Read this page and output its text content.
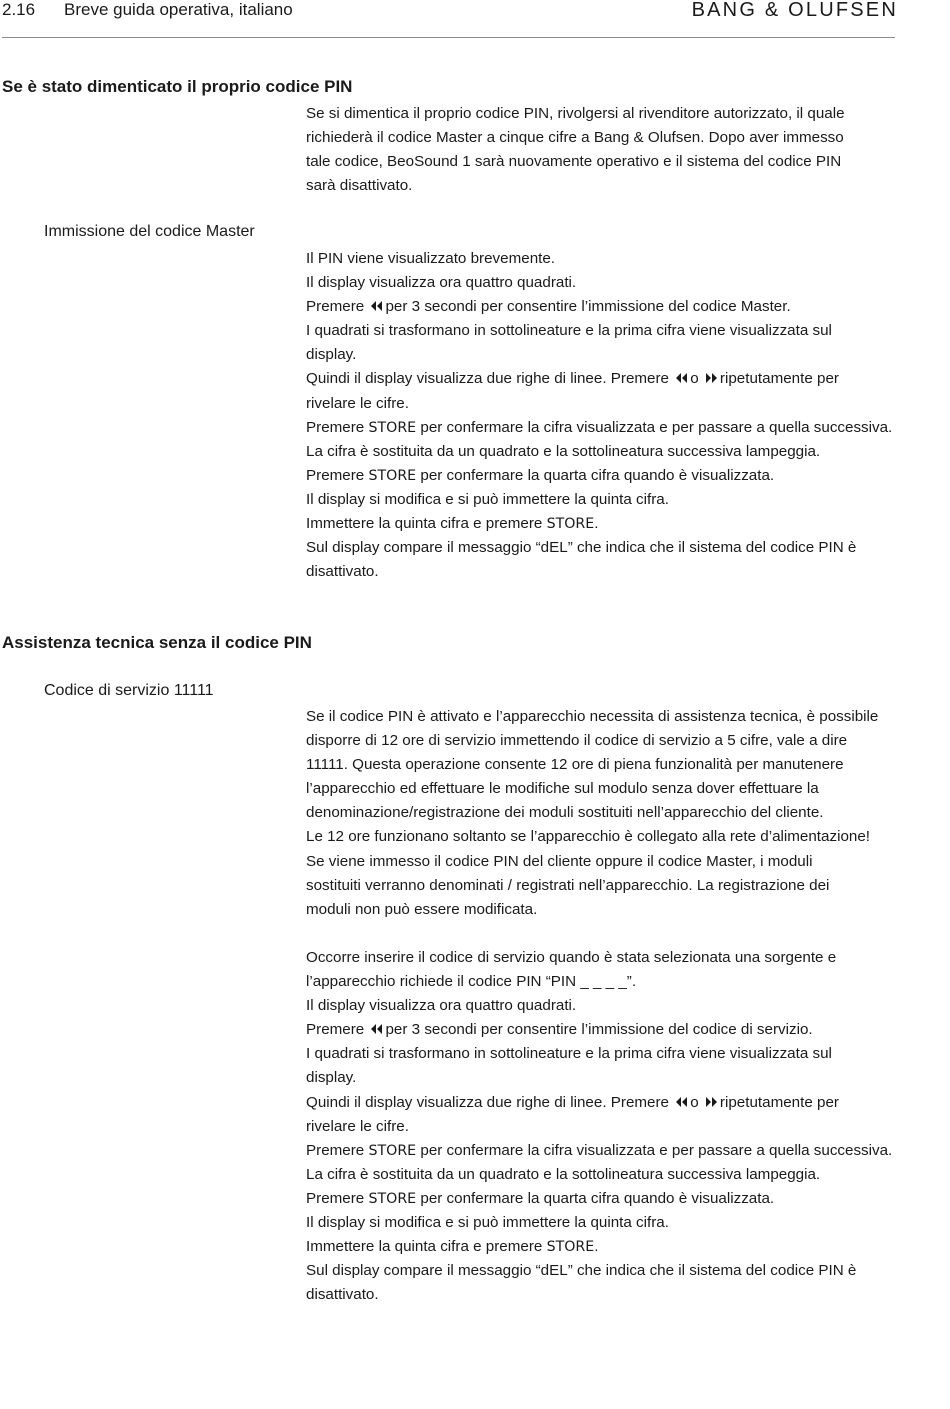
2.16 Breve guida operativa, italiano	BANG & OLUFSEN
Se è stato dimenticato il proprio codice PIN
Se si dimentica il proprio codice PIN, rivolgersi al rivenditore autorizzato, il quale
richiederà il codice Master a cinque cifre a Bang & Olufsen. Dopo aver immesso
tale codice, BeoSound 1 sarà nuovamente operativo e il sistema del codice PIN
sarà disattivato.
Immissione del codice Master
Il PIN viene visualizzato brevemente.
Il display visualizza ora quattro quadrati.
Premere per 3 secondi per consentire l’immissione del codice Master.
I quadrati si trasformano in sottolineature e la prima cifra viene visualizzata sul
display.
Quindi il display visualizza due righe di linee. Premere o ripetutamente per
rivelare le cifre.
Premere STORE per confermare la cifra visualizzata e per passare a quella successiva.
La cifra è sostituita da un quadrato e la sottolineatura successiva lampeggia.
Premere STORE per confermare la quarta cifra quando è visualizzata.
Il display si modifica e si può immettere la quinta cifra.
Immettere la quinta cifra e premere STORE.
Sul display compare il messaggio “dEL” che indica che il sistema del codice PIN è
disattivato.
Assistenza tecnica senza il codice PIN
Codice di servizio 11111
Se il codice PIN è attivato e l’apparecchio necessita di assistenza tecnica, è possibile
disporre di 12 ore di servizio immettendo il codice di servizio a 5 cifre, vale a dire
11111. Questa operazione consente 12 ore di piena funzionalità per manutenere
l’apparecchio ed effettuare le modifiche sul modulo senza dover effettuare la
denominazione/registrazione dei moduli sostituiti nell’apparecchio del cliente.
Le 12 ore funzionano soltanto se l’apparecchio è collegato alla rete d’alimentazione!
Se viene immesso il codice PIN del cliente oppure il codice Master, i moduli
sostituiti verranno denominati / registrati nell’apparecchio. La registrazione dei
moduli non può essere modificata.
Occorre inserire il codice di servizio quando è stata selezionata una sorgente e
l’apparecchio richiede il codice PIN “PIN _ _ _ _”.
Il display visualizza ora quattro quadrati.
Premere per 3 secondi per consentire l’immissione del codice di servizio.
I quadrati si trasformano in sottolineature e la prima cifra viene visualizzata sul
display.
Quindi il display visualizza due righe di linee. Premere o ripetutamente per
rivelare le cifre.
Premere STORE per confermare la cifra visualizzata e per passare a quella successiva.
La cifra è sostituita da un quadrato e la sottolineatura successiva lampeggia.
Premere STORE per confermare la quarta cifra quando è visualizzata.
Il display si modifica e si può immettere la quinta cifra.
Immettere la quinta cifra e premere STORE.
Sul display compare il messaggio “dEL” che indica che il sistema del codice PIN è
disattivato.
